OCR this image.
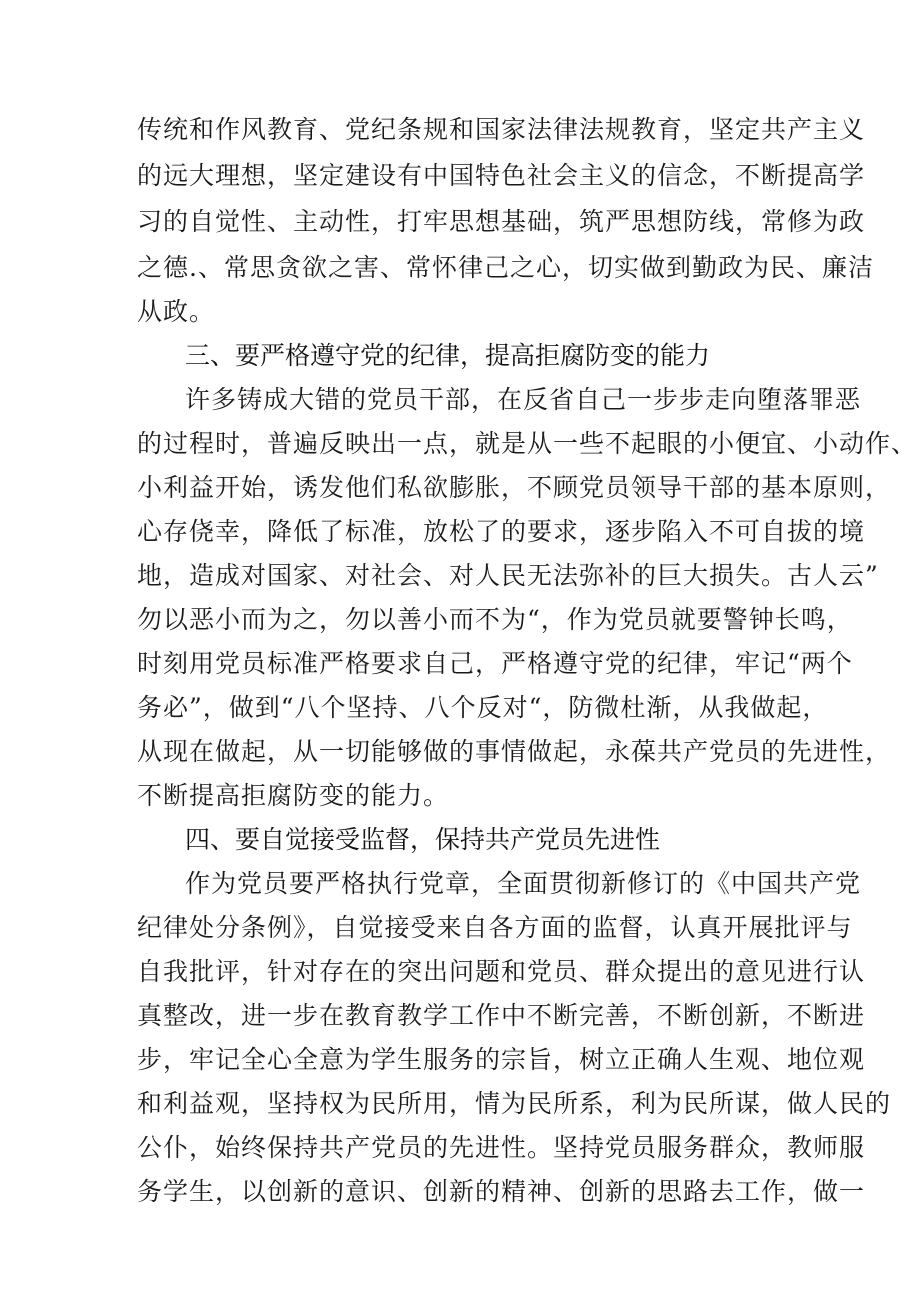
传统和作风教育、党纪条规和国家法律法规教育，坚定共产主义
的远大理想，坚定建设有中国特色社会主义的信念，不断提高学
习的自觉性、主动性，打牢思想基础，筑严思想防线，常修为政
之德.、常思贪欲之害、常怀律己之心，切实做到勤政为民、廉洁
从政。
三、要严格遵守党的纪律，提高拒腐防变的能力
许多铸成大错的党员干部，在反省自己一步步走向堕落罪恶
的过程时，普遍反映出一点，就是从一些不起眼的小便宜、小动作、
小利益开始，诱发他们私欲膨胀，不顾党员领导干部的基本原则，
心存侥幸，降低了标准，放松了的要求，逐步陷入不可自拔的境
地，造成对国家、对社会、对人民无法弥补的巨大损失。古人云”
勿以恶小而为之，勿以善小而不为“，作为党员就要警钟长鸣，
时刻用党员标准严格要求自己，严格遵守党的纪律，牢记“两个
务必”，做到“八个坚持、八个反对“，防微杜渐，从我做起，
从现在做起，从一切能够做的事情做起，永葆共产党员的先进性，
不断提高拒腐防变的能力。
四、要自觉接受监督，保持共产党员先进性
作为党员要严格执行党章，全面贯彻新修订的《中国共产党
纪律处分条例》，自觉接受来自各方面的监督，认真开展批评与
自我批评，针对存在的突出问题和党员、群众提出的意见进行认
真整改，进一步在教育教学工作中不断完善，不断创新，不断进
步，牢记全心全意为学生服务的宗旨，树立正确人生观、地位观
和利益观，坚持权为民所用，情为民所系，利为民所谋，做人民的
公仆，始终保持共产党员的先进性。坚持党员服务群众，教师服
务学生，以创新的意识、创新的精神、创新的思路去工作，做一
